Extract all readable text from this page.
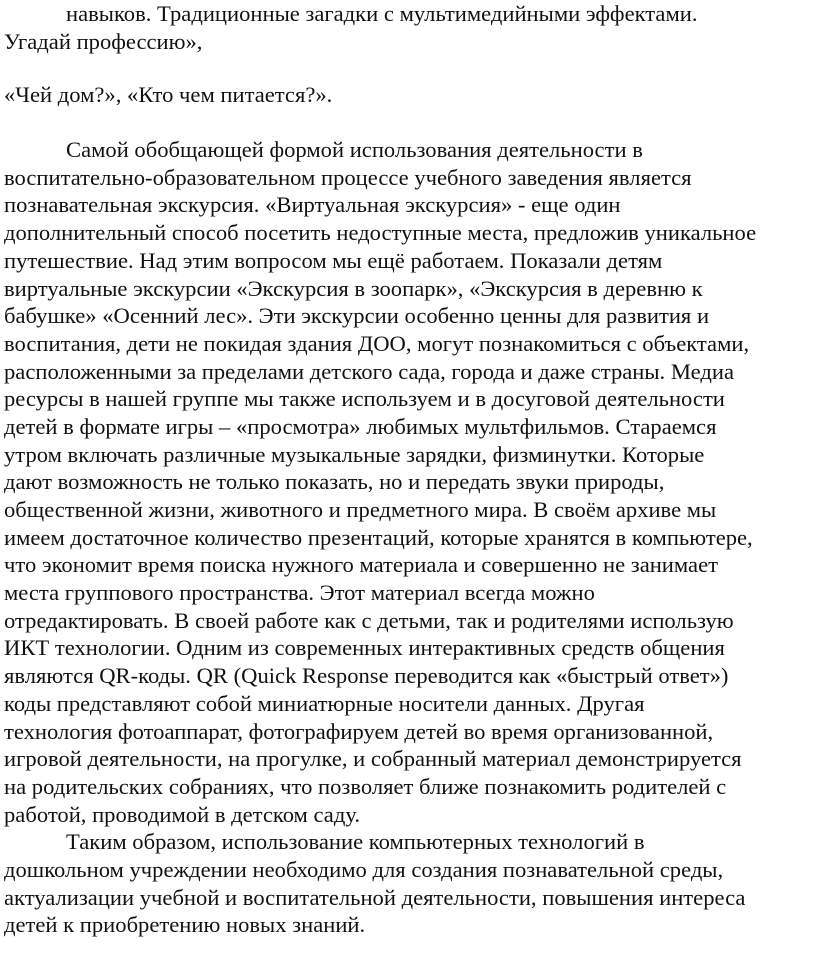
навыков. Традиционные загадки с мультимедийными эффектами.
Угадай профессию»,
«Чей дом?», «Кто чем питается?».
Самой обобщающей формой использования деятельности в
воспитательно-образовательном процессе учебного заведения является
познавательная экскурсия. «Виртуальная экскурсия» - еще один
дополнительный способ посетить недоступные места, предложив уникальное
путешествие. Над этим вопросом мы ещё работаем. Показали детям
виртуальные экскурсии «Экскурсия в зоопарк», «Экскурсия в деревню к
бабушке» «Осенний лес». Эти экскурсии особенно ценны для развития и
воспитания, дети не покидая здания ДОО, могут познакомиться с объектами,
расположенными за пределами детского сада, города и даже страны. Медиа
ресурсы в нашей группе мы также используем и в досуговой деятельности
детей в формате игры – «просмотра» любимых мультфильмов. Стараемся
утром включать различные музыкальные зарядки, физминутки. Которые
дают возможность не только показать, но и передать звуки природы,
общественной жизни, животного и предметного мира. В своём архиве мы
имеем достаточное количество презентаций, которые хранятся в компьютере,
что экономит время поиска нужного материала и совершенно не занимает
места группового пространства. Этот материал всегда можно
отредактировать. В своей работе как с детьми, так и родителями использую
ИКТ технологии. Одним из современных интерактивных средств общения
являются QR-коды. QR (Quick Response переводится как «быстрый ответ»)
коды представляют собой миниатюрные носители данных. Другая
технология фотоаппарат, фотографируем детей во время организованной,
игровой деятельности, на прогулке, и собранный материал демонстрируется
на родительских собраниях, что позволяет ближе познакомить родителей с
работой, проводимой в детском саду.
Таким образом, использование компьютерных технологий в
дошкольном учреждении необходимо для создания познавательной среды,
актуализации учебной и воспитательной деятельности, повышения интереса
детей к приобретению новых знаний.
